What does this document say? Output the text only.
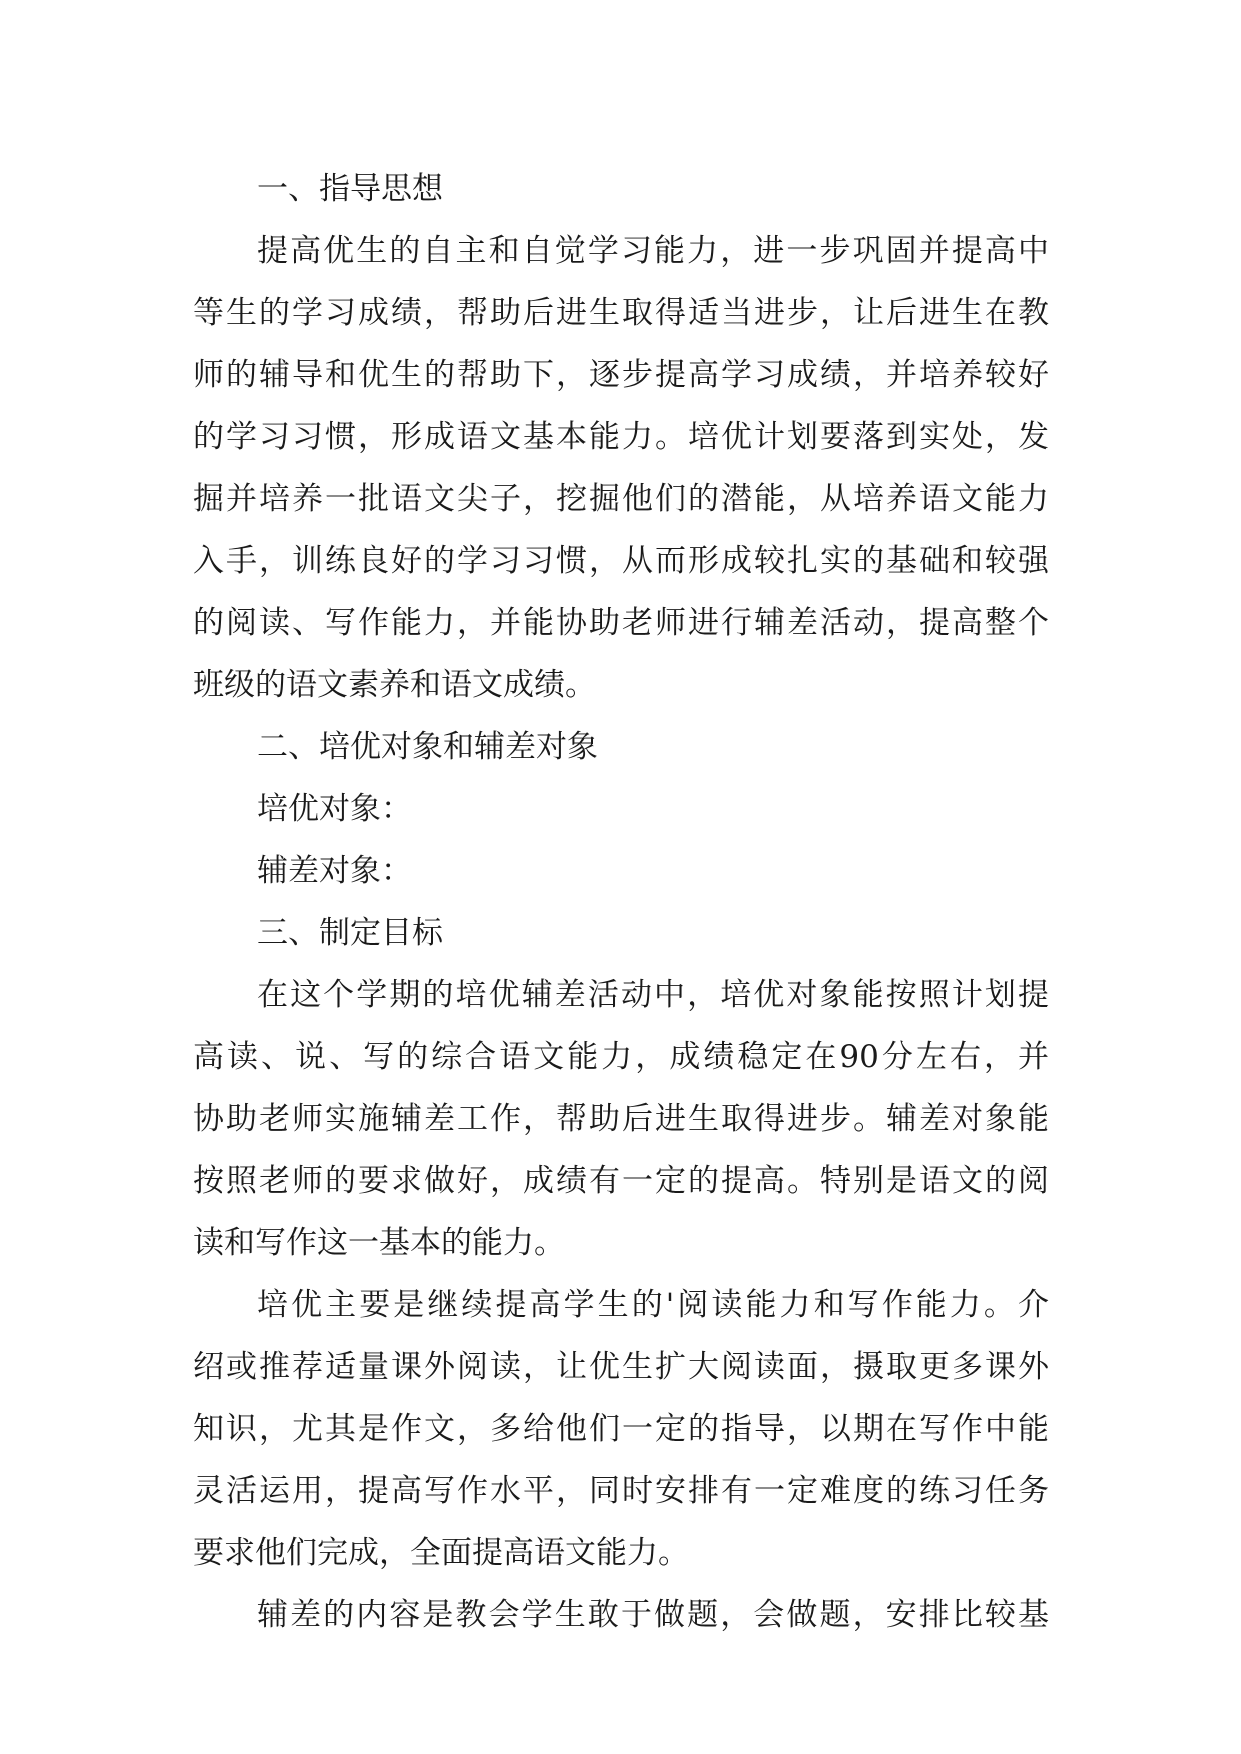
一、指导思想
提高优生的自主和自觉学习能力，进一步巩固并提高中
等生的学习成绩，帮助后进生取得适当进步，让后进生在教
师的辅导和优生的帮助下，逐步提高学习成绩，并培养较好
的学习习惯，形成语文基本能力。培优计划要落到实处，发
掘并培养一批语文尖子，挖掘他们的潜能，从培养语文能力
入手，训练良好的学习习惯，从而形成较扎实的基础和较强
的阅读、写作能力，并能协助老师进行辅差活动，提高整个
班级的语文素养和语文成绩。
二、培优对象和辅差对象
培优对象：
辅差对象：
三、制定目标
在这个学期的培优辅差活动中，培优对象能按照计划提
高读、说、写的综合语文能力，成绩稳定在90分左右，并
协助老师实施辅差工作，帮助后进生取得进步。辅差对象能
按照老师的要求做好，成绩有一定的提高。特别是语文的阅
读和写作这一基本的能力。
培优主要是继续提高学生的'阅读能力和写作能力。介
绍或推荐适量课外阅读，让优生扩大阅读面，摄取更多课外
知识，尤其是作文，多给他们一定的指导，以期在写作中能
灵活运用，提高写作水平，同时安排有一定难度的练习任务
要求他们完成，全面提高语文能力。
辅差的内容是教会学生敢于做题，会做题，安排比较基
